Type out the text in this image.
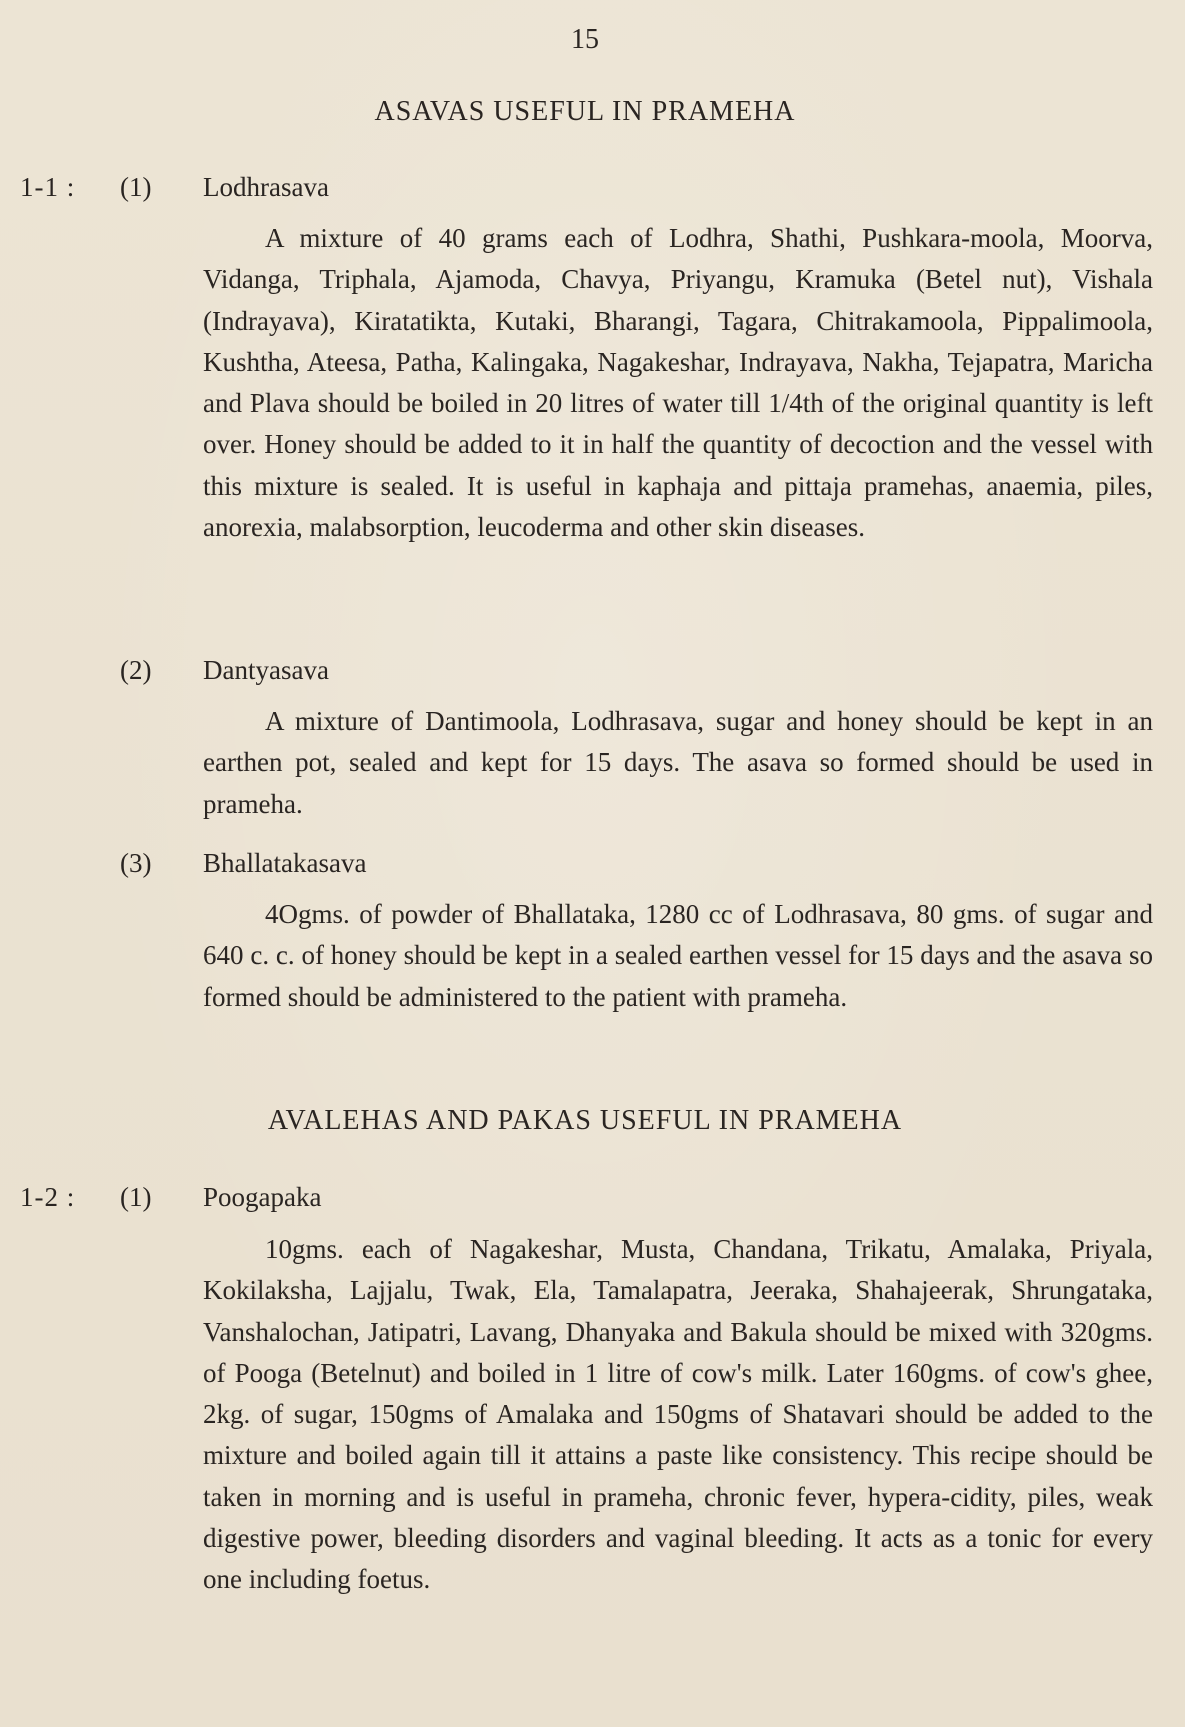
15
ASAVAS USEFUL IN PRAMEHA
1-1 : (1) Lodhrasava

A mixture of 40 grams each of Lodhra, Shathi, Pushkara-moola, Moorva, Vidanga, Triphala, Ajamoda, Chavya, Priyangu, Kramuka (Betel nut), Vishala (Indrayava), Kiratatikta, Kutaki, Bharangi, Tagara, Chitrakamoola, Pippalimoola, Kushtha, Ateesa, Patha, Kalingaka, Nagakeshar, Indrayava, Nakha, Tejapatra, Maricha and Plava should be boiled in 20 litres of water till 1/4th of the original quantity is left over. Honey should be added to it in half the quantity of decoction and the vessel with this mixture is sealed. It is useful in kaphaja and pittaja pramehas, anaemia, piles, anorexia, malabsorption, leucoderma and other skin diseases.

(2) Dantyasava

A mixture of Dantimoola, Lodhrasava, sugar and honey should be kept in an earthen pot, sealed and kept for 15 days. The asava so formed should be used in prameha.

(3) Bhallatakasava

4Ogms. of powder of Bhallataka, 1280 cc of Lodhrasava, 80 gms. of sugar and 640 c. c. of honey should be kept in a sealed earthen vessel for 15 days and the asava so formed should be administered to the patient with prameha.

AVALEHAS AND PAKAS USEFUL IN PRAMEHA
1-2 : (1) Poogapaka

10gms. each of Nagakeshar, Musta, Chandana, Trikatu, Amalaka, Priyala, Kokilaksha, Lajjalu, Twak, Ela, Tamalapatra, Jeeraka, Shahajeerak, Shrungataka, Vanshalochan, Jatipatri, Lavang, Dhanyaka and Bakula should be mixed with 320gms. of Pooga (Betelnut) and boiled in 1 litre of cow's milk. Later 160gms. of cow's ghee, 2kg. of sugar, 150gms of Amalaka and 150gms of Shatavari should be added to the mixture and boiled again till it attains a paste like consistency. This recipe should be taken in morning and is useful in prameha, chronic fever, hypera-cidity, piles, weak digestive power, bleeding disorders and vaginal bleeding. It acts as a tonic for every one including foetus.
